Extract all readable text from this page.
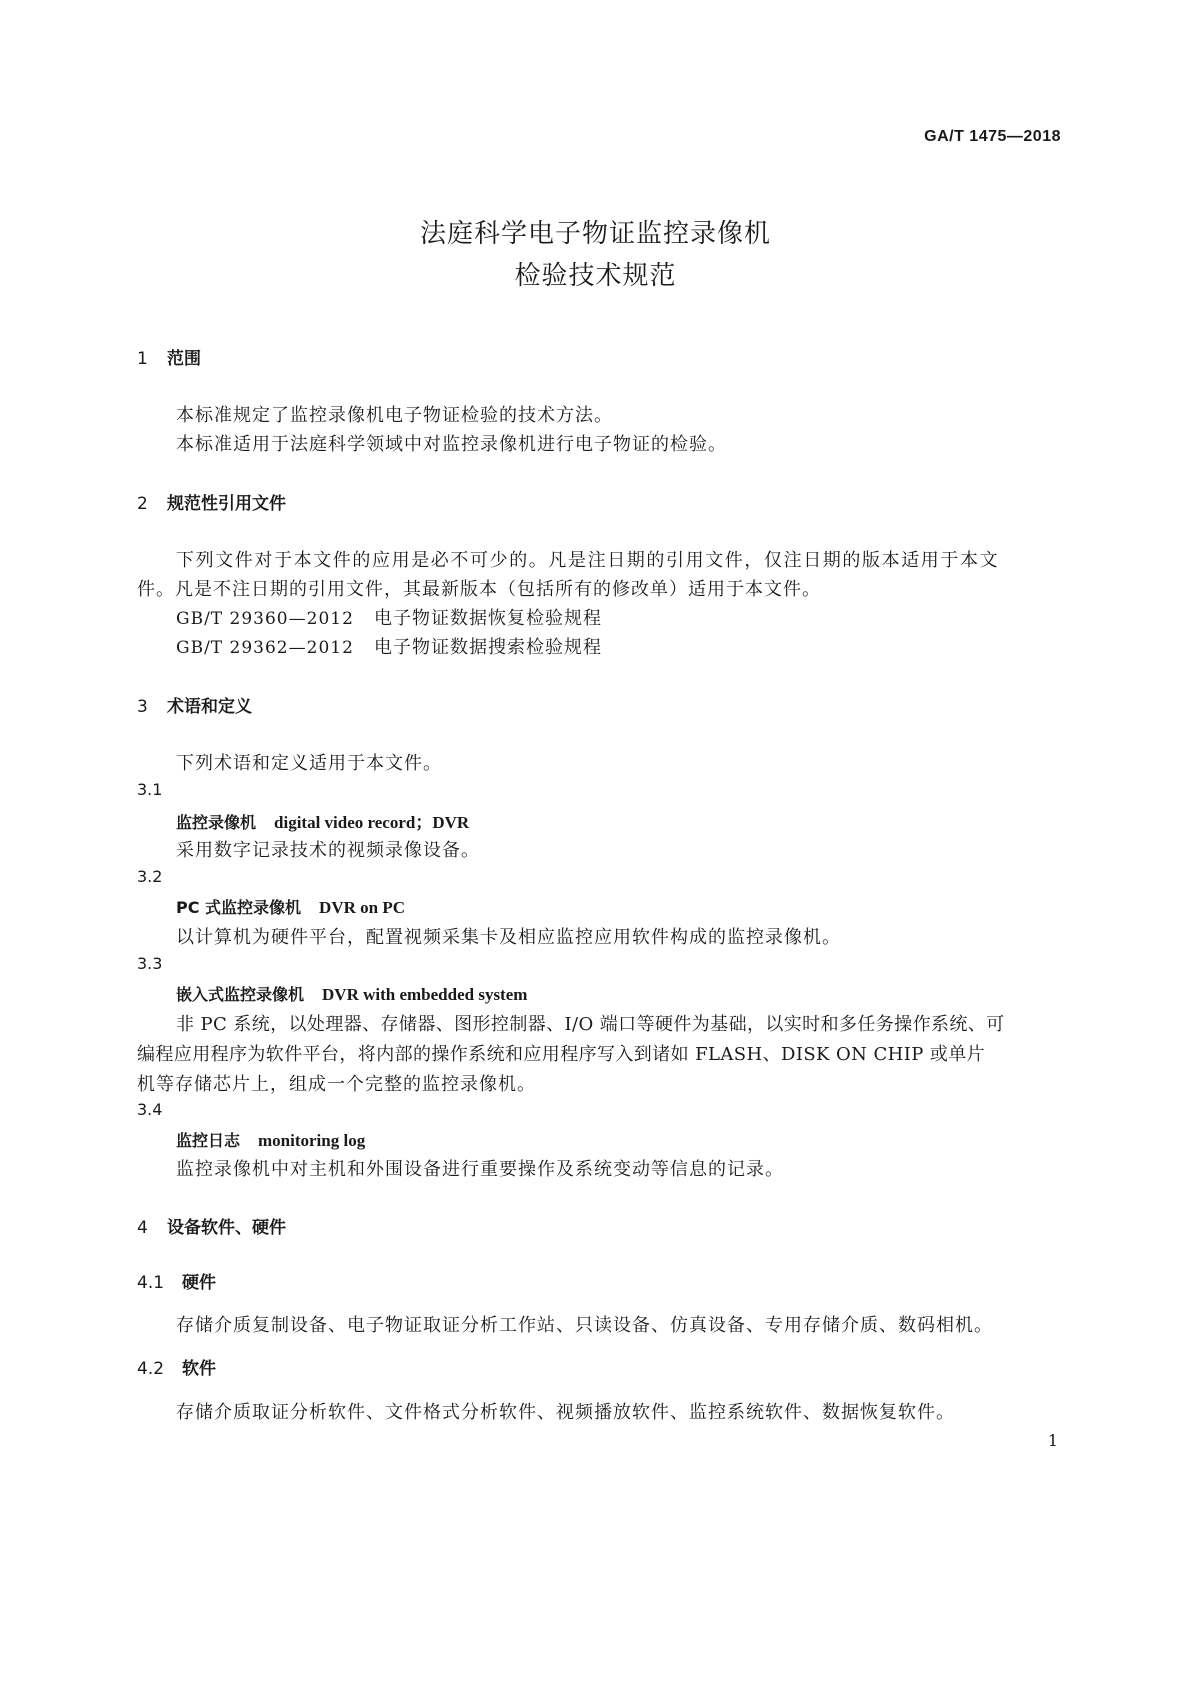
GA/T 1475—2018
法庭科学电子物证监控录像机
检验技术规范
1 范围
本标准规定了监控录像机电子物证检验的技术方法。
本标准适用于法庭科学领域中对监控录像机进行电子物证的检验。
2 规范性引用文件
下列文件对于本文件的应用是必不可少的。凡是注日期的引用文件，仅注日期的版本适用于本文
件。凡是不注日期的引用文件，其最新版本（包括所有的修改单）适用于本文件。
GB/T 29360—2012 电子物证数据恢复检验规程
GB/T 29362—2012 电子物证数据搜索检验规程
3 术语和定义
下列术语和定义适用于本文件。
3.1
监控录像机 digital video record；DVR
采用数字记录技术的视频录像设备。
3.2
PC 式监控录像机 DVR on PC
以计算机为硬件平台，配置视频采集卡及相应监控应用软件构成的监控录像机。
3.3
嵌入式监控录像机 DVR with embedded system
非 PC 系统，以处理器、存储器、图形控制器、I/O 端口等硬件为基础，以实时和多任务操作系统、可
编程应用程序为软件平台，将内部的操作系统和应用程序写入到诸如 FLASH、DISK ON CHIP 或单片
机等存储芯片上，组成一个完整的监控录像机。
3.4
监控日志 monitoring log
监控录像机中对主机和外围设备进行重要操作及系统变动等信息的记录。
4 设备软件、硬件
4.1 硬件
存储介质复制设备、电子物证取证分析工作站、只读设备、仿真设备、专用存储介质、数码相机。
4.2 软件
存储介质取证分析软件、文件格式分析软件、视频播放软件、监控系统软件、数据恢复软件。
1
